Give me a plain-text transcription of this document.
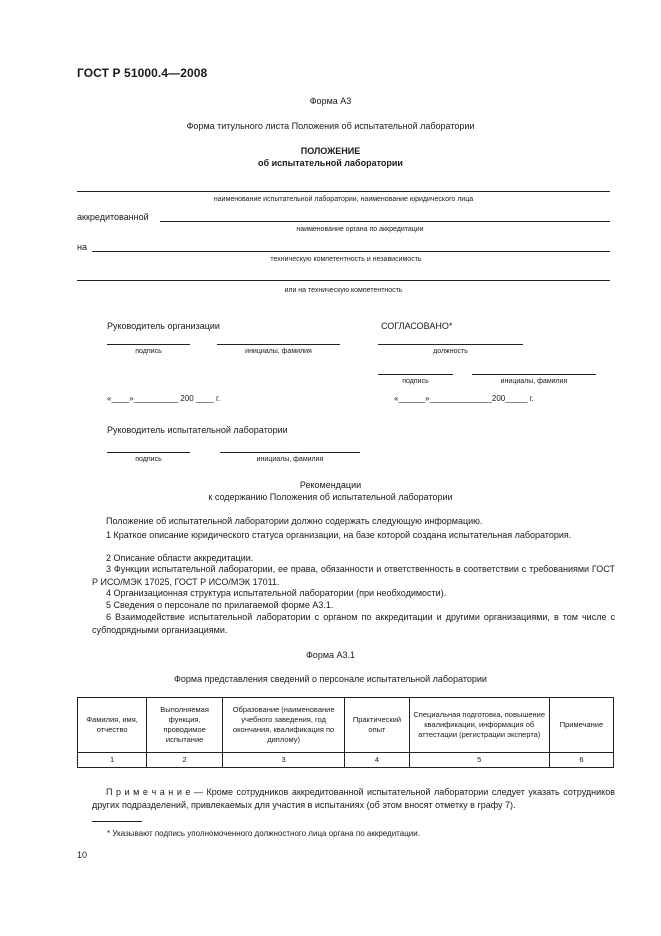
ГОСТ Р 51000.4—2008
Форма А3
Форма титульного листа Положения об испытательной лаборатории
ПОЛОЖЕНИЕ
об испытательной лаборатории
наименование испытательной лаборатории, наименование юридического лица
аккредитованной
наименование органа по аккредитации
на
техническую компетентность и независимость
или на техническую компетентность
Руководитель организации	СОГЛАСОВАНО*
подпись	инициалы, фамилия	должность
подпись	инициалы, фамилия
«____»__________ 200 ____ г.	«______»______________200_____ г.
Руководитель испытательной лаборатории
подпись	инициалы, фамилия
Рекомендации
к содержанию Положения об испытательной лаборатории
Положение об испытательной лаборатории должно содержать следующую информацию.
1 Краткое описание юридического статуса организации, на базе которой создана испытательная лаборатория.
2 Описание области аккредитации.
3 Функции испытательной лаборатории, ее права, обязанности и ответственность в соответствии с требованиями ГОСТ Р ИСО/МЭК 17025, ГОСТ Р ИСО/МЭК 17011.
4 Организационная структура испытательной лаборатории (при необходимости).
5 Сведения о персонале по прилагаемой форме А3.1.
6 Взаимодействие испытательной лаборатории с органом по аккредитации и другими организациями, в том числе с субподрядными организациями.
Форма А3.1
Форма представления сведений о персонале испытательной лаборатории
Фамилия, имя, отчество	Выполняемая функция, проводимое испытание	Образование (наименование учебного заведения, год окончания, квалификация по диплому)	Практический опыт	Специальная подготовка, повышение квалификации, информация об аттестации (регистрации эксперта)	Примечание
1	2	3	4	5	6
П р и м е ч а н и е — Кроме сотрудников аккредитованной испытательной лаборатории следует указать сотрудников других подразделений, привлекаемых для участия в испытаниях (об этом вносят отметку в графу 7).
* Указывают подпись уполномоченного должностного лица органа по аккредитации.
10
